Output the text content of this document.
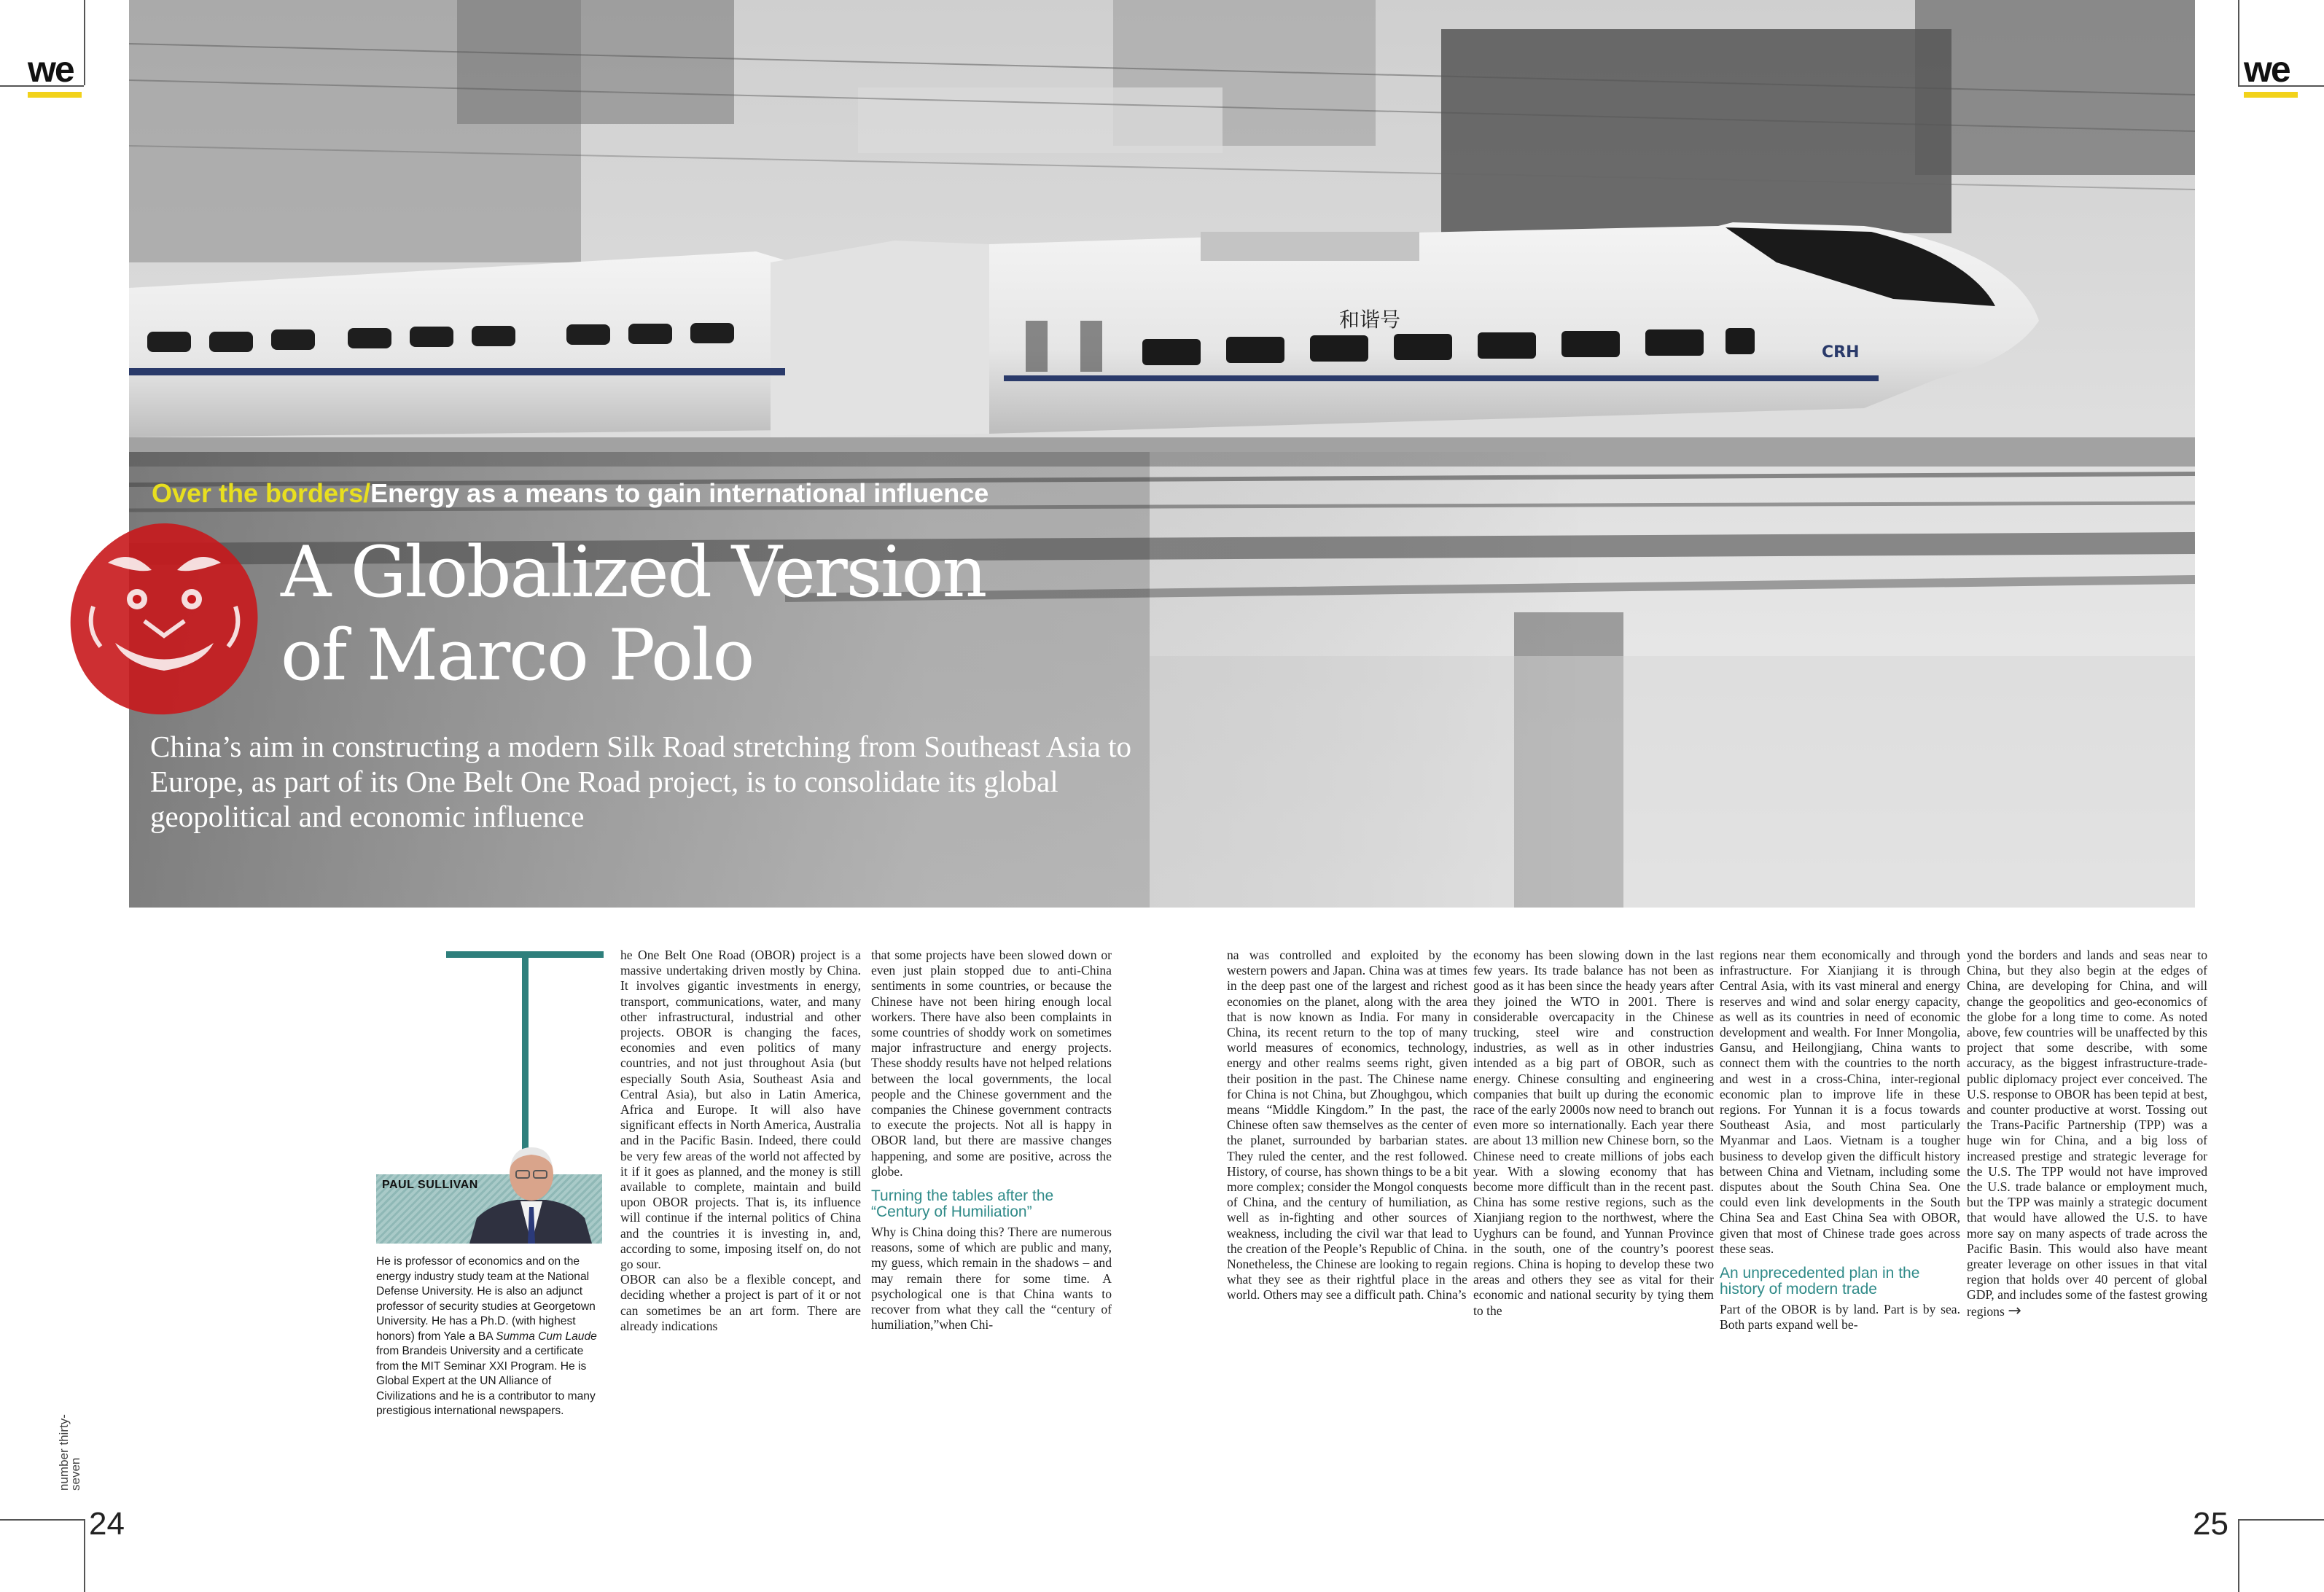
和谐号
CRH
we	we
Over the borders/Energy as a means to gain international influence
A Globalized Version
of Marco Polo
China’s aim in constructing a modern Silk Road stretching from Southeast Asia to Europe, as part of its One Belt One Road project, is to consolidate its global geopolitical and economic influence
PAUL SULLIVAN
He is professor of economics and on the energy industry study team at the National Defense University. He is also an adjunct professor of security studies at Georgetown University. He has a Ph.D. (with highest honors) from Yale a BA Summa Cum Laude from Brandeis University and a certificate from the MIT Seminar XXI Program. He is Global Expert at the UN Alliance of Civilizations and he is a contributor to many prestigious international newspapers.

he One Belt One Road (OBOR) project is a massive undertaking driven mostly by China. It involves gigantic investments in energy, transport, communications, water, and many other infrastructural, industrial and other projects. OBOR is changing the faces, economies and even politics of many countries, and not just throughout Asia (but especially South Asia, Southeast Asia and Central Asia), but also in Latin America, Africa and Europe. It will also have significant effects in North America, Australia and in the Pacific Basin. Indeed, there could be very few areas of the world not affected by it if it goes as planned, and the money is still available to complete, maintain and build upon OBOR projects. That is, its influence will continue if the internal politics of China and the countries it is investing in, and, according to some, imposing itself on, do not go sour.

OBOR can also be a flexible concept, and deciding whether a project is part of it or not can sometimes be an art form. There are already indications

that some projects have been slowed down or even just plain stopped due to anti-China sentiments in some countries, or because the Chinese have not been hiring enough local workers. There have also been complaints in some countries of shoddy work on sometimes major infrastructure and energy projects. These shoddy results have not helped relations between the local governments, the local people and the Chinese government and the companies the Chinese government contracts to execute the projects. Not all is happy in OBOR land, but there are massive changes happening, and some are positive, across the globe.

Turning the tables after the “Century of Humiliation”

Why is China doing this? There are numerous reasons, some of which are public and many, my guess, which remain in the shadows – and may remain there for some time. A psychological one is that China wants to recover from what they call the “century of humiliation,”when Chi-

na was controlled and exploited by the western powers and Japan. China was at times in the deep past one of the largest and richest economies on the planet, along with the area that is now known as India. For many in China, its recent return to the top of many world measures of economics, technology, energy and other realms seems right, given their position in the past. The Chinese name for China is not China, but Zhoughgou, which means “Middle Kingdom.” In the past, the Chinese often saw themselves as the center of the planet, surrounded by barbarian states. They ruled the center, and the rest followed. History, of course, has shown things to be a bit more complex; consider the Mongol conquests of China, and the century of humiliation, as well as in-fighting and other sources of weakness, including the civil war that lead to the creation of the People’s Republic of China. Nonetheless, the Chinese are looking to regain what they see as their rightful place in the world. Others may see a difficult path. China’s

economy has been slowing down in the last few years. Its trade balance has not been as good as it has been since the heady years after they joined the WTO in 2001. There is considerable overcapacity in the Chinese trucking, steel wire and construction industries, as well as in other industries intended as a big part of OBOR, such as energy. Chinese consulting and engineering companies that built up during the economic race of the early 2000s now need to branch out even more so internationally. Each year there are about 13 million new Chinese born, so the Chinese need to create millions of jobs each year. With a slowing economy that has become more difficult than in the recent past. China has some restive regions, such as the Xianjiang region to the northwest, where the Uyghurs can be found, and Yunnan Province in the south, one of the country’s poorest regions. China is hoping to develop these two areas and others they see as vital for their economic and national security by tying them to the

regions near them economically and through infrastructure. For Xianjiang it is through Central Asia, with its vast mineral and energy reserves and wind and solar energy capacity, as well as its countries in need of economic development and wealth. For Inner Mongolia, Gansu, and Heilongjiang, China wants to connect them with the countries to the north and west in a cross-China, inter-regional economic plan to improve life in these regions. For Yunnan it is a focus towards Southeast Asia, and most particularly Myanmar and Laos. Vietnam is a tougher business to develop given the difficult history between China and Vietnam, including some disputes about the South China Sea. One could even link developments in the South China Sea and East China Sea with OBOR, given that most of Chinese trade goes across these seas.

An unprecedented plan in the history of modern trade

Part of the OBOR is by land. Part is by sea. Both parts expand well be-

yond the borders and lands and seas near to China, but they also begin at the edges of China, are developing for China, and will change the geopolitics and geo-economics of the globe for a long time to come. As noted above, few countries will be unaffected by this project that some describe, with some accuracy, as the biggest infrastructure-trade-public diplomacy project ever conceived. The U.S. response to OBOR has been tepid at best, and counter productive at worst. Tossing out the Trans-Pacific Partnership (TPP) was a huge win for China, and a big loss of increased prestige and strategic leverage for the U.S. The TPP would not have improved the U.S. trade balance or employment much, but the TPP was mainly a strategic document that would have allowed the U.S. to have more say on many aspects of trade across the Pacific Basin. This would also have meant greater leverage on other issues in that vital region that holds over 40 percent of global GDP, and includes some of the fastest growing regions →

number thirty-seven
24	25
